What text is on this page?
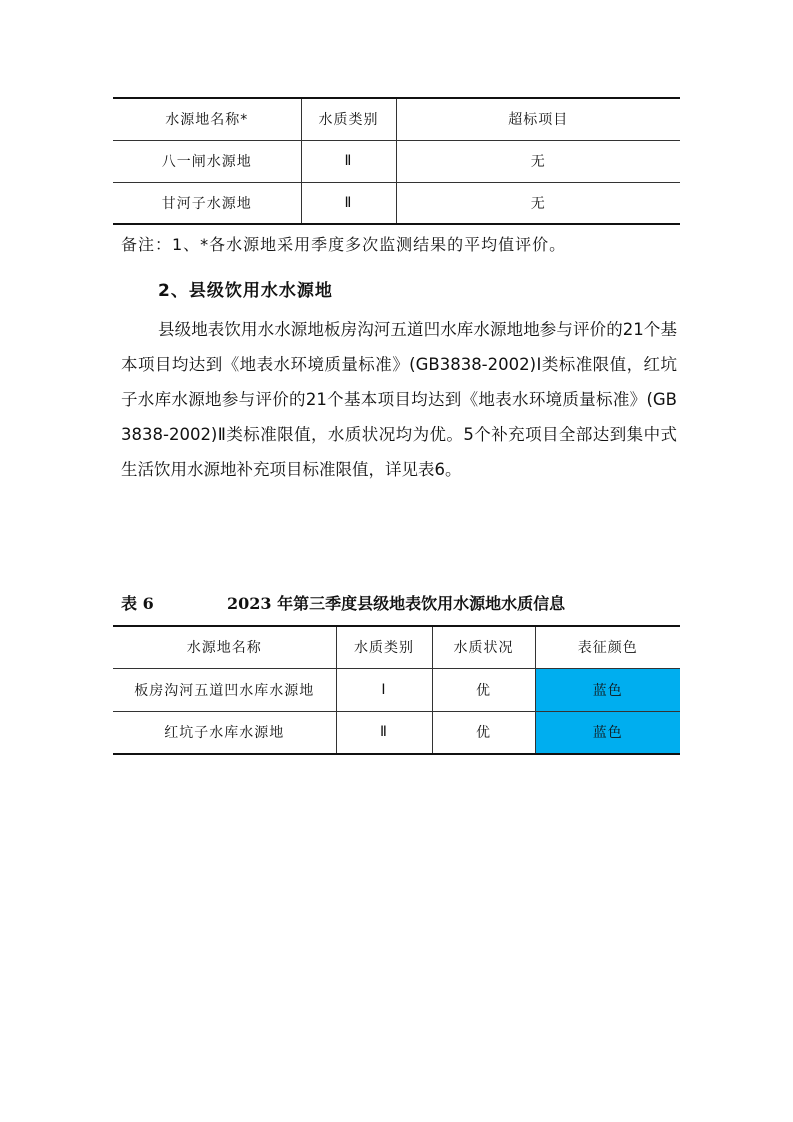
水源地名称*	水质类别	超标项目
八一闸水源地	Ⅱ	无
甘河子水源地	Ⅱ	无
备注：1、*各水源地采用季度多次监测结果的平均值评价。
2、县级饮用水水源地
县级地表饮用水水源地板房沟河五道凹水库水源地地参与评价的21个基本项目均达到《地表水环境质量标准》(GB3838-2002)Ⅰ类标准限值，红坑子水库水源地参与评价的21个基本项目均达到《地表水环境质量标准》(GB3838-2002)Ⅱ类标准限值，水质状况均为优。5个补充项目全部达到集中式生活饮用水源地补充项目标准限值，详见表6。
表 6	2023 年第三季度县级地表饮用水源地水质信息
水源地名称	水质类别	水质状况	表征颜色
板房沟河五道凹水库水源地	Ⅰ	优	蓝色
红坑子水库水源地	Ⅱ	优	蓝色
